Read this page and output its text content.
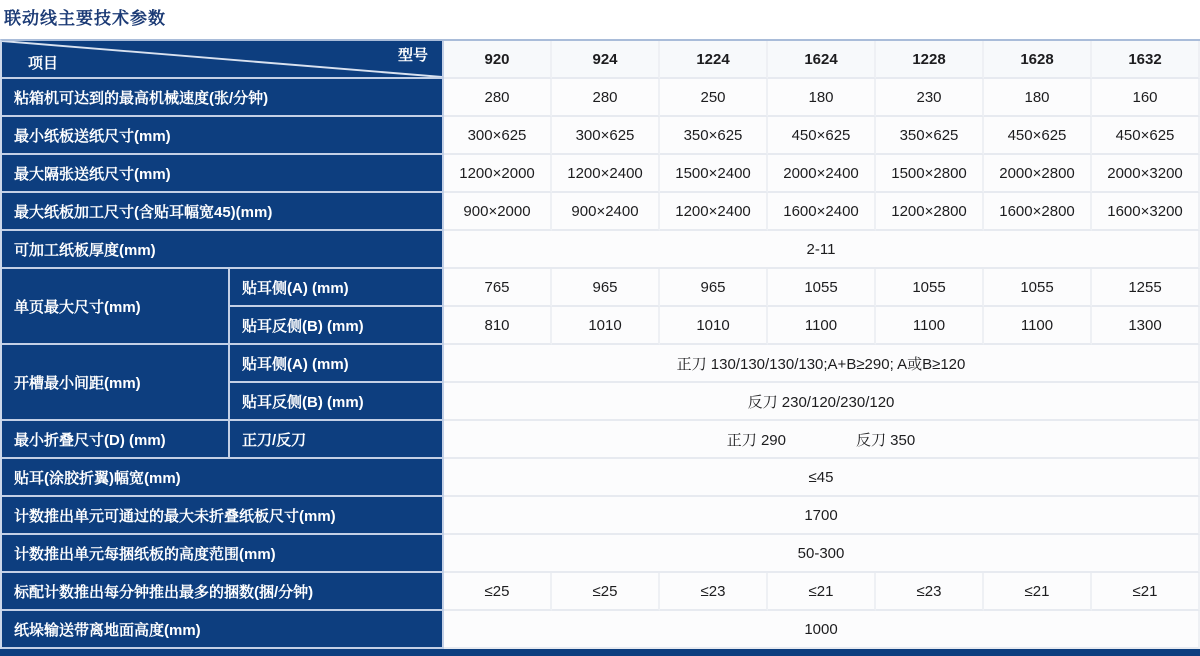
联动线主要技术参数
项目 型号		920	924	1224	1624	1228	1628	1632
粘箱机可达到的最高机械速度(张/分钟)		280	280	250	180	230	180	160
最小纸板送纸尺寸(mm)		300×625	300×625	350×625	450×625	350×625	450×625	450×625
最大隔张送纸尺寸(mm)		1200×2000	1200×2400	1500×2400	2000×2400	1500×2800	2000×2800	2000×3200
最大纸板加工尺寸(含贴耳幅宽45)(mm)		900×2000	900×2400	1200×2400	1600×2400	1200×2800	1600×2800	1600×3200
可加工纸板厚度(mm)		2-11						
单页最大尺寸(mm)	贴耳侧(A) (mm)	765	965	965	1055	1055	1055	1255
	贴耳反侧(B) (mm)	810	1010	1010	1100	1100	1100	1300
开槽最小间距(mm)	贴耳侧(A) (mm)	正刀 130/130/130/130;A+B≥290; A或B≥120						
	贴耳反侧(B) (mm)	反刀 230/120/230/120						
最小折叠尺寸(D) (mm)	正刀/反刀	正刀 290 反刀 350						

贴耳(涂胶折翼)幅宽(mm)		≤45						
计数推出单元可通过的最大未折叠纸板尺寸(mm)		1700						
计数推出单元每捆纸板的高度范围(mm)		50-300						
标配计数推出每分钟推出最多的捆数(捆/分钟)		≤25	≤25	≤23	≤21	≤23	≤21	≤21
纸垛输送带离地面高度(mm)		1000						
